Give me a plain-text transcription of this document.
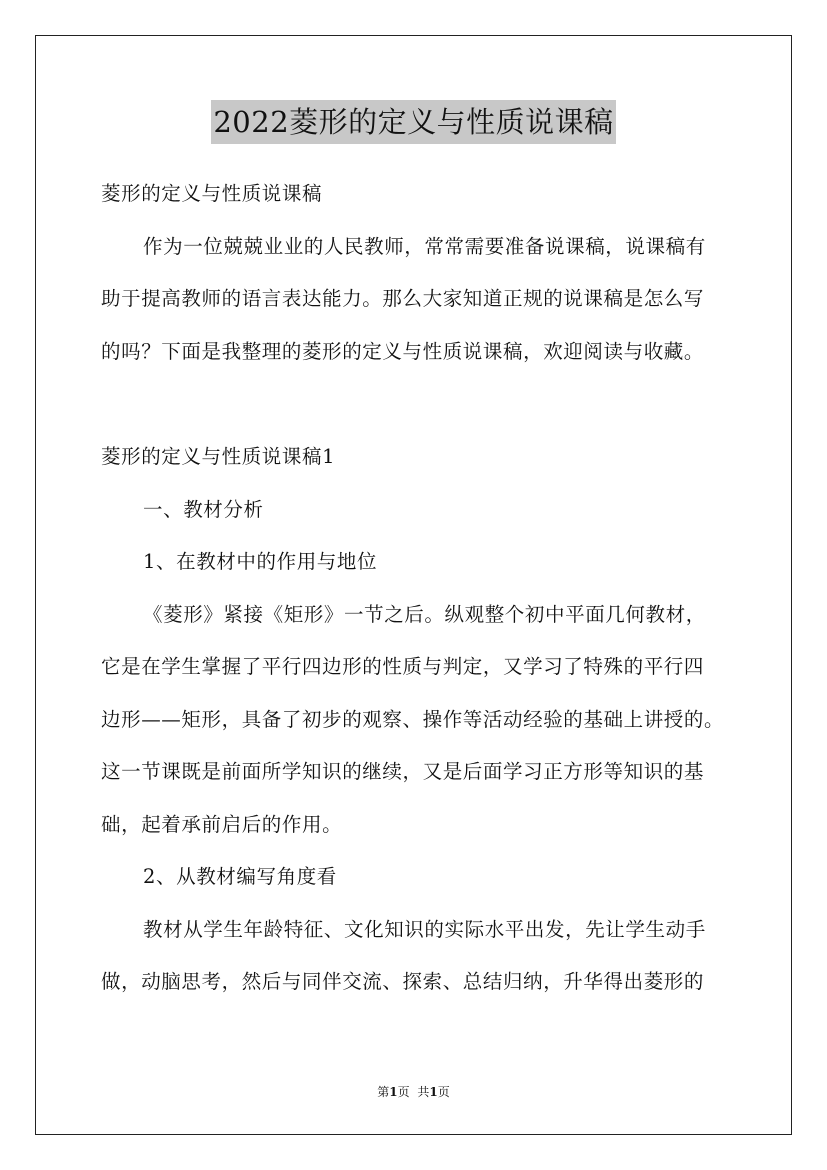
2022菱形的定义与性质说课稿
菱形的定义与性质说课稿
作为一位兢兢业业的人民教师，常常需要准备说课稿，说课稿有
助于提高教师的语言表达能力。那么大家知道正规的说课稿是怎么写
的吗？下面是我整理的菱形的定义与性质说课稿，欢迎阅读与收藏。
菱形的定义与性质说课稿1
一、教材分析
1、在教材中的作用与地位
《菱形》紧接《矩形》一节之后。纵观整个初中平面几何教材，
它是在学生掌握了平行四边形的性质与判定，又学习了特殊的平行四
边形——矩形，具备了初步的观察、操作等活动经验的基础上讲授的。
这一节课既是前面所学知识的继续，又是后面学习正方形等知识的基
础，起着承前启后的作用。
2、从教材编写角度看
教材从学生年龄特征、文化知识的实际水平出发，先让学生动手
做，动脑思考，然后与同伴交流、探索、总结归纳，升华得出菱形的
第1页 共1页
